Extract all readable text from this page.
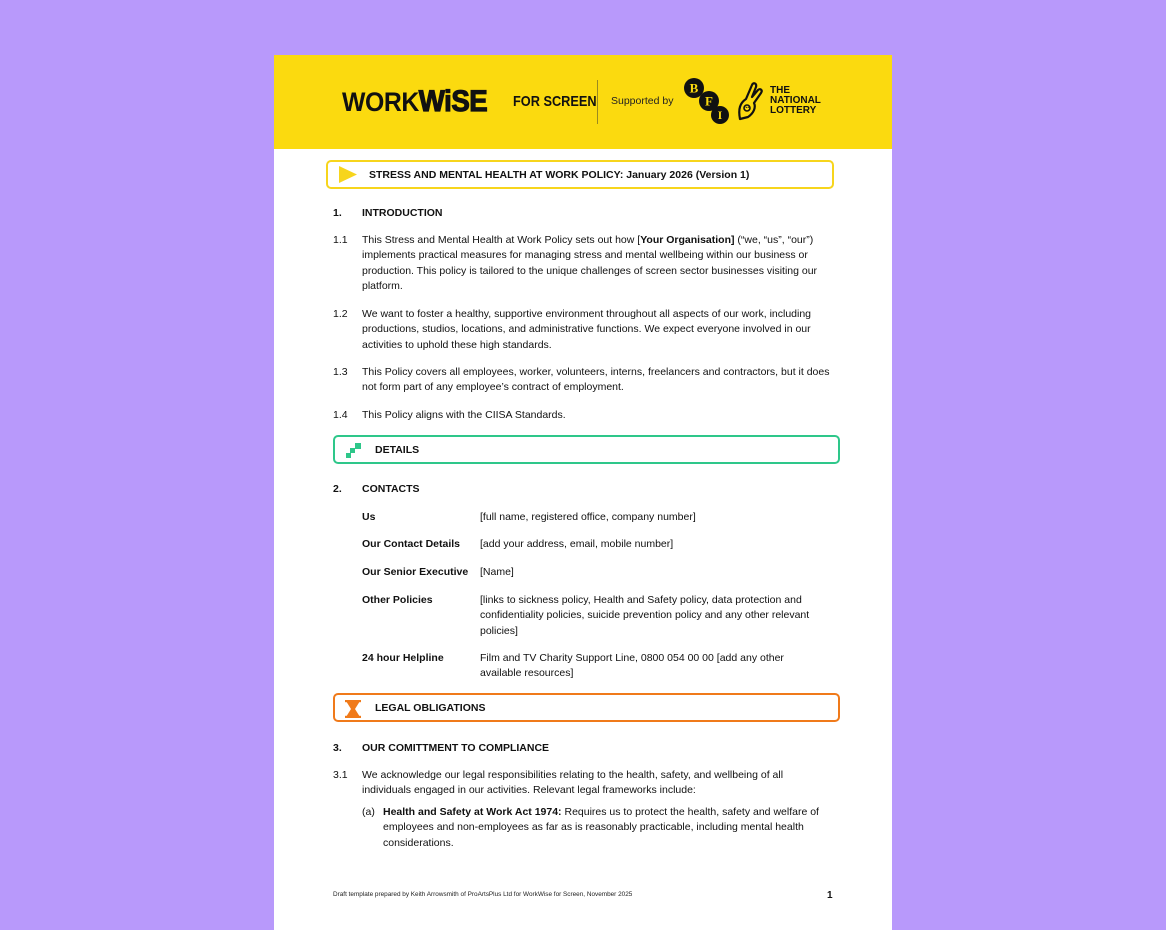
WORKWiSE FOR SCREEN Supported by
B
F
I
THE
NATIONAL
LOTTERY
STRESS AND MENTAL HEALTH AT WORK POLICY: January 2026 (Version 1)
1. INTRODUCTION
1.1 This Stress and Mental Health at Work Policy sets out how [Your Organisation] (“we, “us”, “our”) implements practical measures for managing stress and mental wellbeing within our business or production. This policy is tailored to the unique challenges of screen sector businesses visiting our platform.
1.2 We want to foster a healthy, supportive environment throughout all aspects of our work, including productions, studios, locations, and administrative functions. We expect everyone involved in our activities to uphold these high standards.
1.3 This Policy covers all employees, worker, volunteers, interns, freelancers and contractors, but it does not form part of any employee’s contract of employment.
1.4 This Policy aligns with the CIISA Standards.
DETAILS
2. CONTACTS
Us	[full name, registered office, company number]
Our Contact Details [add your address, email, mobile number]
Our Senior Executive [Name]
Other Policies	[links to sickness policy, Health and Safety policy, data protection and confidentiality policies, suicide prevention policy and any other relevant policies]
24 hour Helpline	Film and TV Charity Support Line, 0800 054 00 00 [add any other available resources]
LEGAL OBLIGATIONS
3. OUR COMITTMENT TO COMPLIANCE
3.1 We acknowledge our legal responsibilities relating to the health, safety, and wellbeing of all individuals engaged in our activities. Relevant legal frameworks include:
(a) Health and Safety at Work Act 1974: Requires us to protect the health, safety and welfare of employees and non-employees as far as is reasonably practicable, including mental health considerations.
Draft template prepared by Keith Arrowsmith of ProArtsPlus Ltd for WorkWise for Screen, November 2025	1
